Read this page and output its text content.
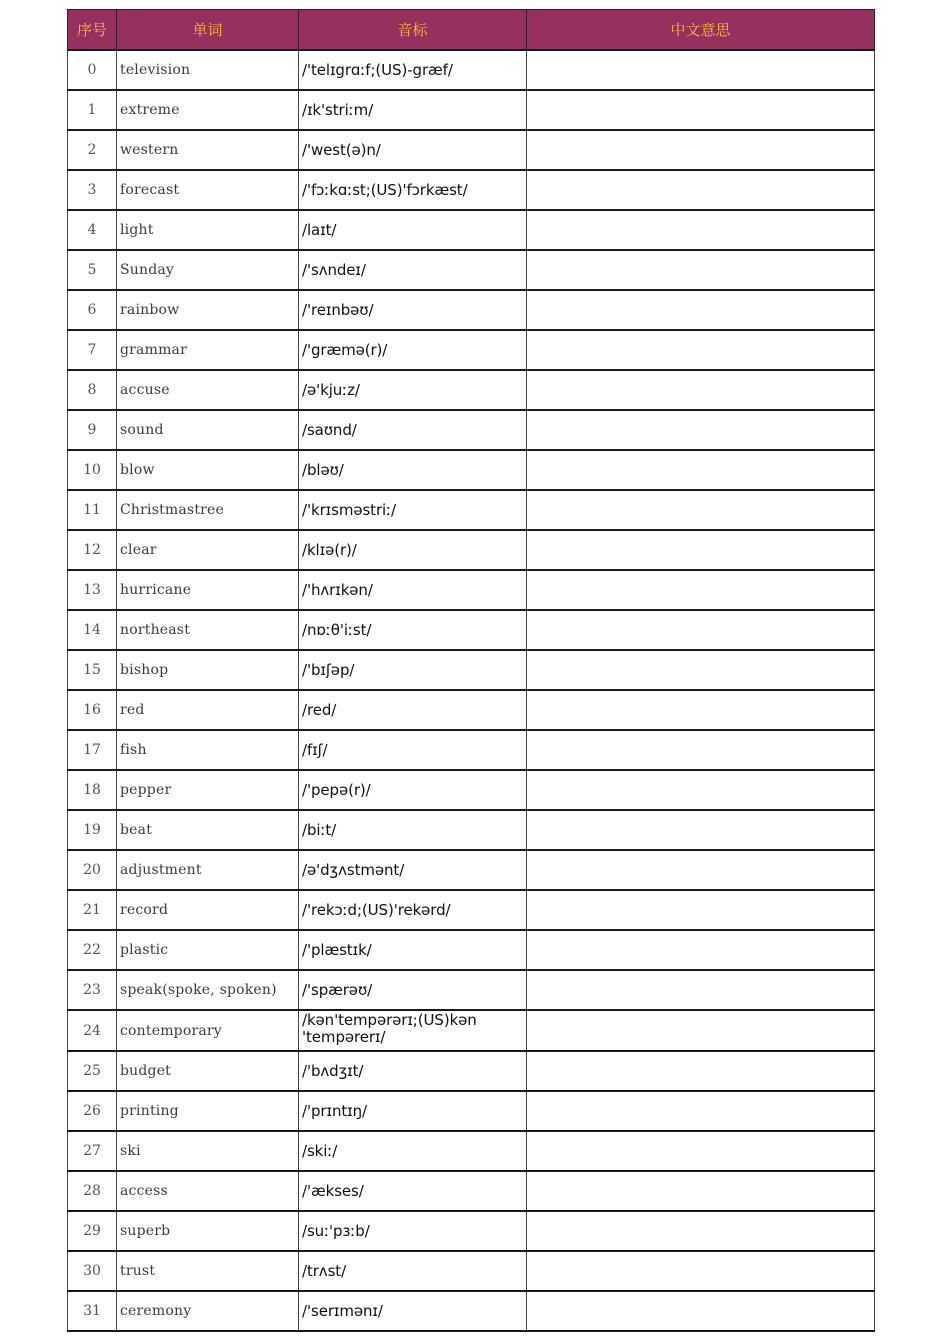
序号	单词	音标	中文意思
0	television	/'telɪgrɑːf;(US)-græf/	
1	extreme	/ɪk'striːm/	
2	western	/'west(ə)n/	
3	forecast	/'fɔːkɑːst;(US)'fɔrkæst/	
4	light	/laɪt/	
5	Sunday	/'sʌndeɪ/	
6	rainbow	/'reɪnbəʊ/	
7	grammar	/'græmə(r)/	
8	accuse	/ə'kjuːz/	
9	sound	/saʊnd/	
10	blow	/bləʊ/	
11	Christmastree	/'krɪsməstriː/	
12	clear	/klɪə(r)/	
13	hurricane	/'hʌrɪkən/	
14	northeast	/nɒːθ'iːst/	
15	bishop	/'bɪʃəp/	
16	red	/red/	
17	fish	/fɪʃ/	
18	pepper	/'pepə(r)/	
19	beat	/biːt/	
20	adjustment	/ə'dʒʌstmənt/	
21	record	/'rekɔːd;(US)'rekərd/	
22	plastic	/'plæstɪk/	
23	speak(spoke, spoken)	/'spærəʊ/	
24	contemporary	/kən'tempərərɪ;(US)kən 'tempərerɪ/	
25	budget	/'bʌdʒɪt/	
26	printing	/'prɪntɪŋ/	
27	ski	/skiː/	
28	access	/'ækses/	
29	superb	/suː'pɜːb/	
30	trust	/trʌst/	
31	ceremony	/'serɪmənɪ/	
